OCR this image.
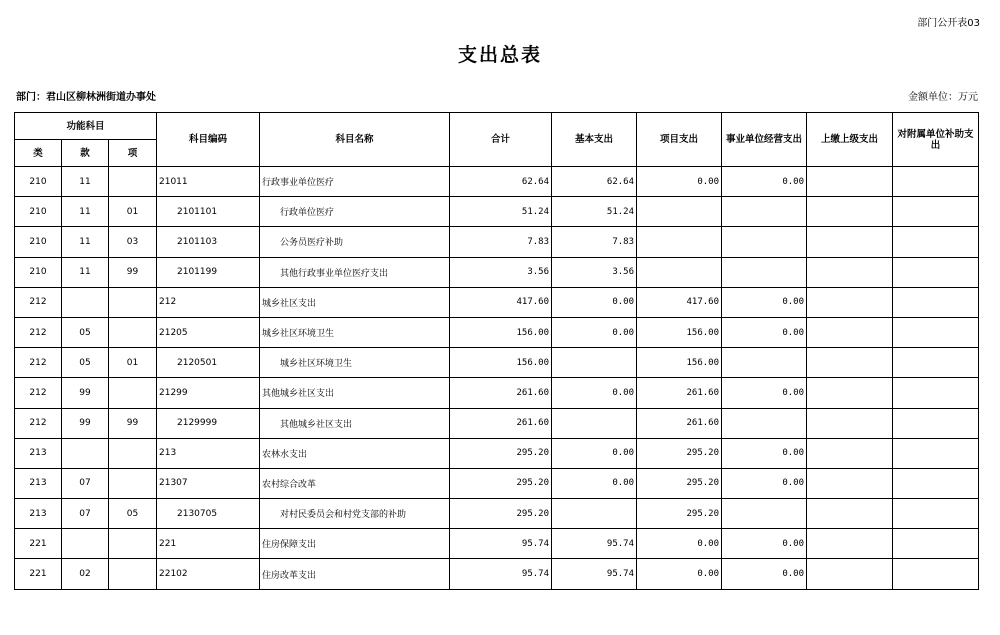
部门公开表03
支出总表
部门：君山区柳林洲街道办事处	金额单位：万元
功能科目			科目编码	科目名称	合计	基本支出	项目支出	事业单位经营支出	上缴上级支出	对附属单位补助支出
类	款	项								
210	11		21011	行政事业单位医疗	62.64	62.64	0.00	0.00		
210	11	01	2101101	行政单位医疗	51.24	51.24				
210	11	03	2101103	公务员医疗补助	7.83	7.83				
210	11	99	2101199	其他行政事业单位医疗支出	3.56	3.56				
212			212	城乡社区支出	417.60	0.00	417.60	0.00		
212	05		21205	城乡社区环境卫生	156.00	0.00	156.00	0.00		
212	05	01	2120501	城乡社区环境卫生	156.00		156.00			
212	99		21299	其他城乡社区支出	261.60	0.00	261.60	0.00		
212	99	99	2129999	其他城乡社区支出	261.60		261.60			
213			213	农林水支出	295.20	0.00	295.20	0.00		
213	07		21307	农村综合改革	295.20	0.00	295.20	0.00		
213	07	05	2130705	对村民委员会和村党支部的补助	295.20		295.20			
221			221	住房保障支出	95.74	95.74	0.00	0.00		
221	02		22102	住房改革支出	95.74	95.74	0.00	0.00		
